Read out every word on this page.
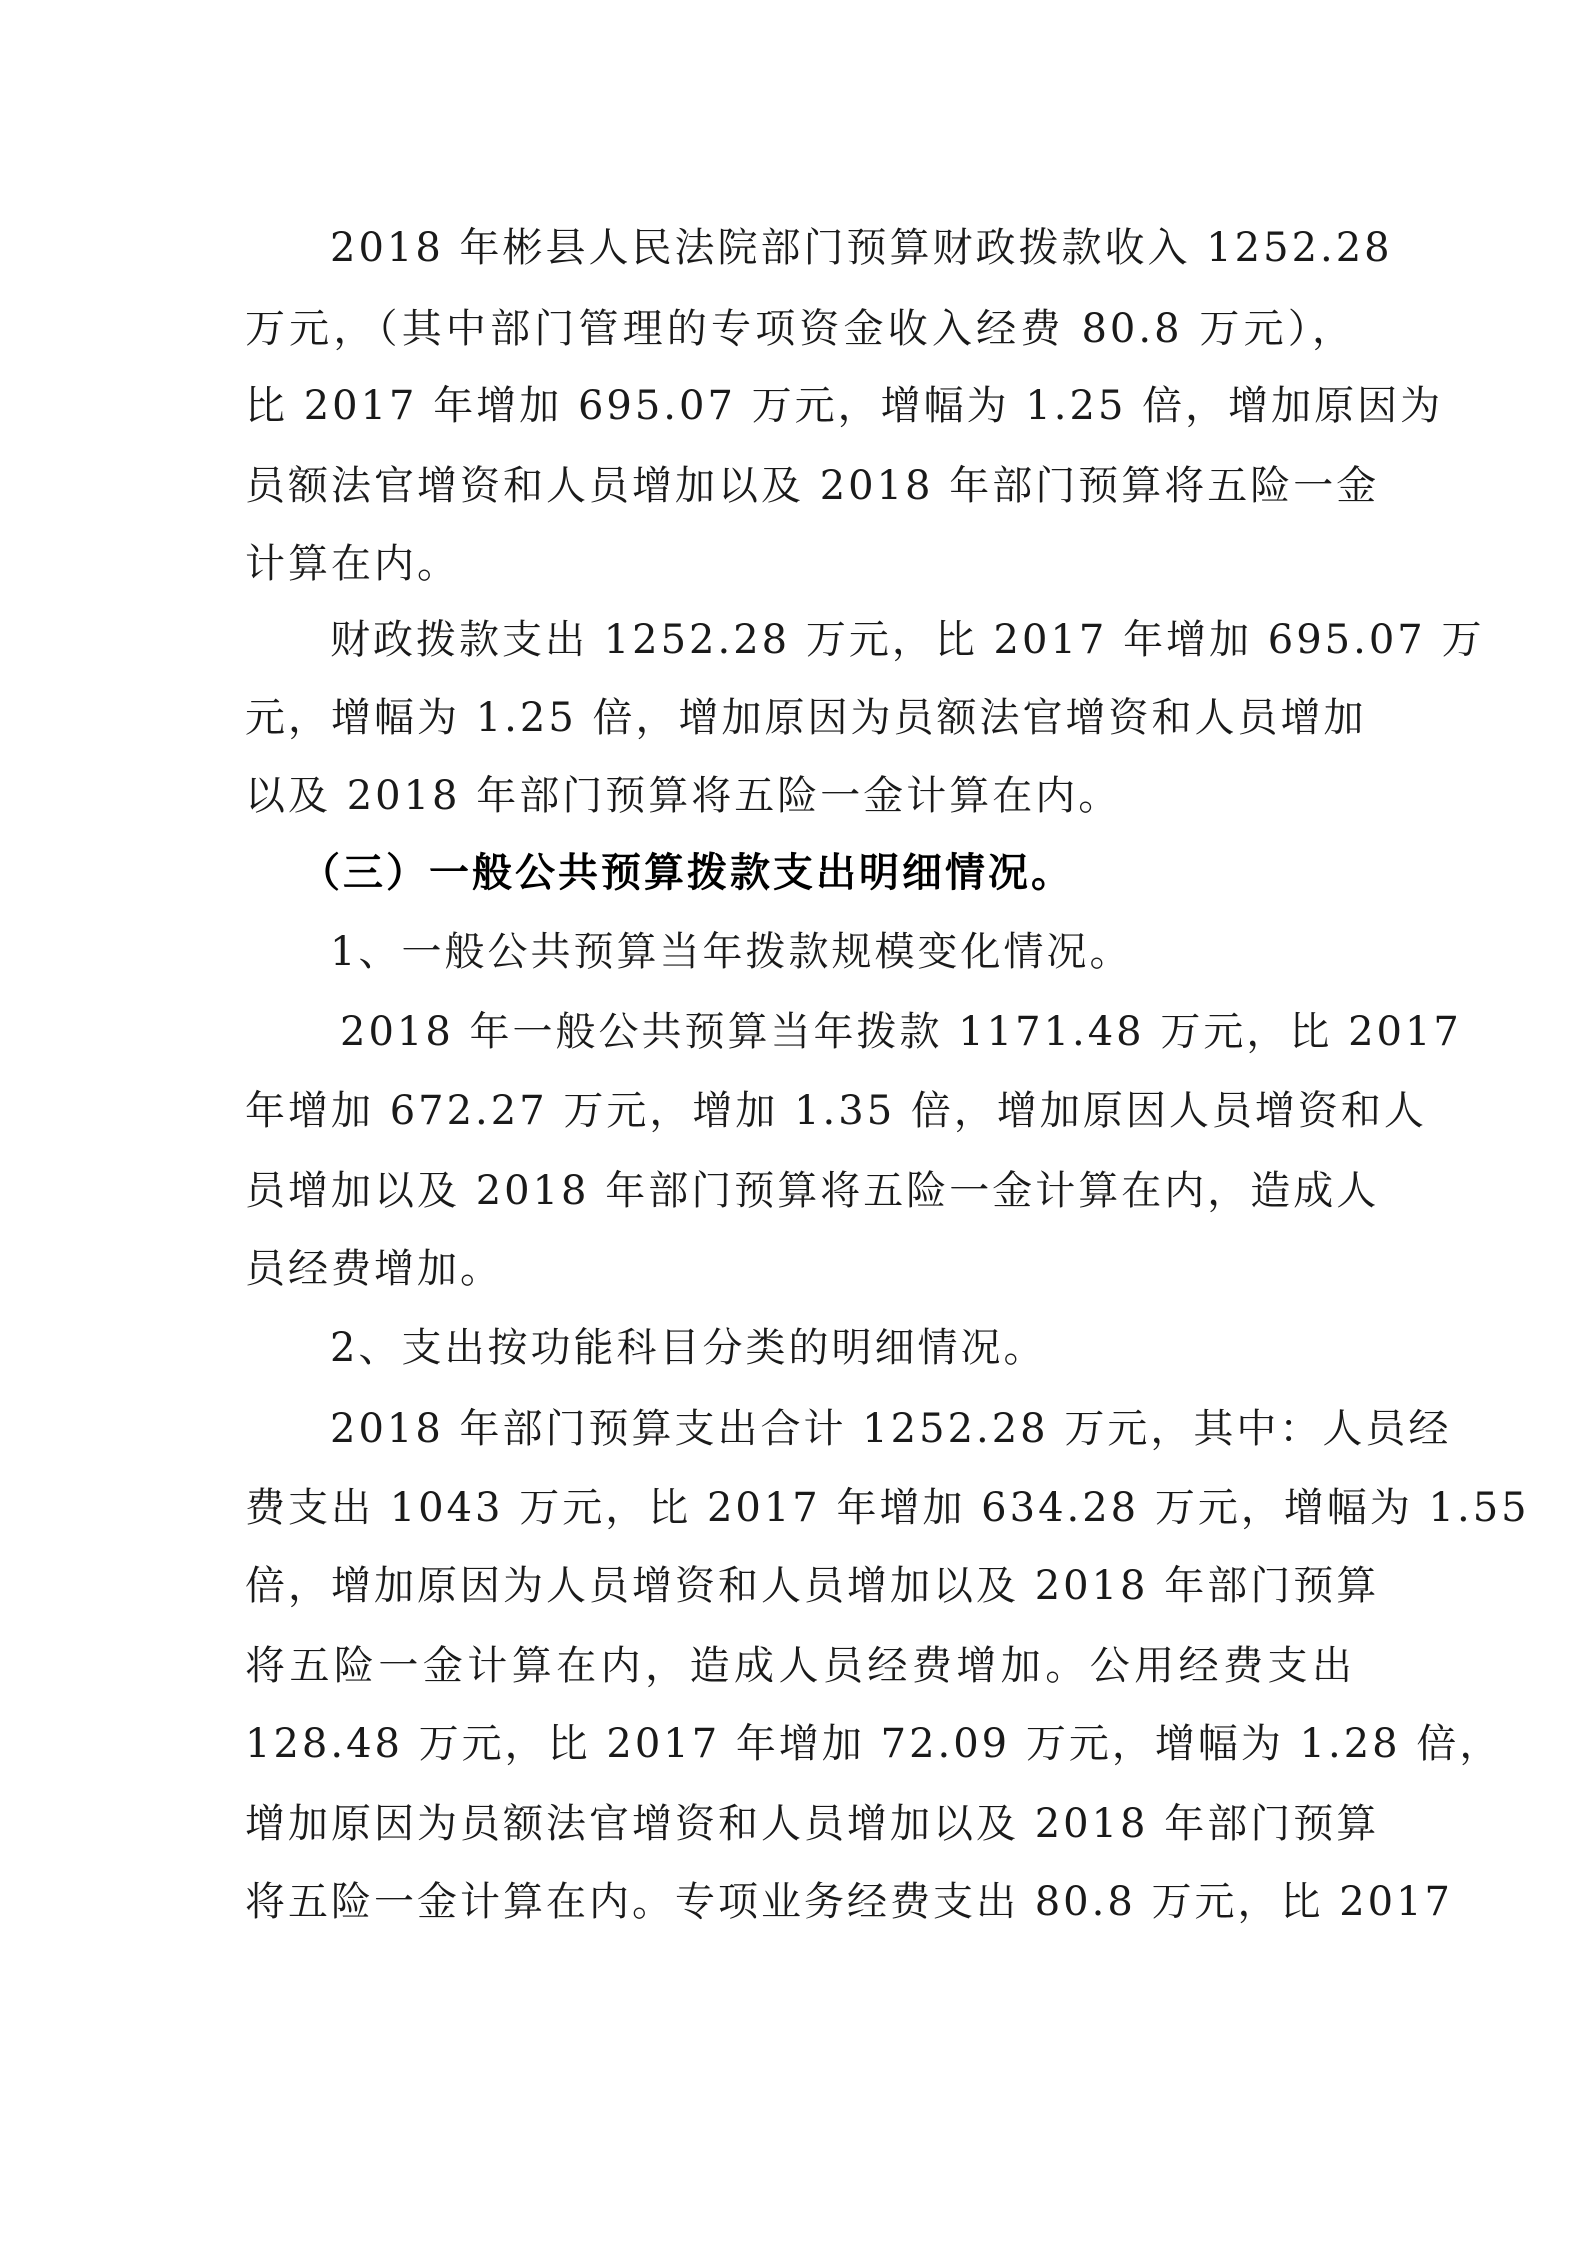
2018 年彬县人民法院部门预算财政拨款收入 1252.28
万元，（其中部门管理的专项资金收入经费 80.8 万元），
比 2017 年增加 695.07 万元，增幅为 1.25 倍，增加原因为
员额法官增资和人员增加以及 2018 年部门预算将五险一金
计算在内。
财政拨款支出 1252.28 万元，比 2017 年增加 695.07 万
元，增幅为 1.25 倍，增加原因为员额法官增资和人员增加
以及 2018 年部门预算将五险一金计算在内。
（三）一般公共预算拨款支出明细情况。
1、一般公共预算当年拨款规模变化情况。
2018 年一般公共预算当年拨款 1171.48 万元，比 2017
年增加 672.27 万元，增加 1.35 倍，增加原因人员增资和人
员增加以及 2018 年部门预算将五险一金计算在内，造成人
员经费增加。
2、支出按功能科目分类的明细情况。
2018 年部门预算支出合计 1252.28 万元，其中：人员经
费支出 1043 万元，比 2017 年增加 634.28 万元，增幅为 1.55
倍，增加原因为人员增资和人员增加以及 2018 年部门预算
将五险一金计算在内，造成人员经费增加。公用经费支出
128.48 万元，比 2017 年增加 72.09 万元，增幅为 1.28 倍，
增加原因为员额法官增资和人员增加以及 2018 年部门预算
将五险一金计算在内。专项业务经费支出 80.8 万元，比 2017
